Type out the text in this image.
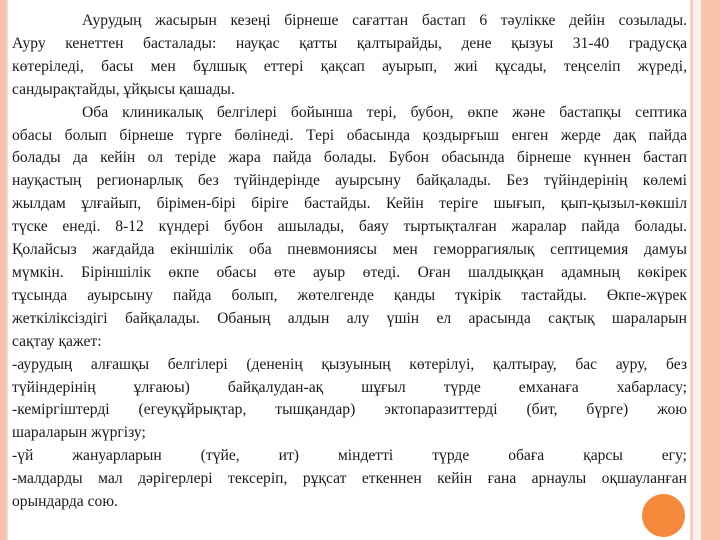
Аурудың жасырын кезеңі бірнеше сағаттан бастап 6 тәулікке дейін созылады.
Ауру кенеттен басталады: науқас қатты қалтырайды, дене қызуы 31-40 градусқа
көтеріледі, басы мен бұлшық еттері қақсап ауырып, жиі құсады, теңселіп жүреді,
сандырақтайды, ұйқысы қашады.
Оба клиникалық белгілері бойынша тері, бубон, өкпе және бастапқы септика
обасы болып бірнеше түрге бөлінеді. Тері обасында қоздырғыш енген жерде дақ пайда
болады да кейін ол теріде жара пайда болады. Бубон обасында бірнеше күннен бастап
науқастың регионарлық без түйіндерінде ауырсыну байқалады. Без түйіндерінің көлемі
жылдам ұлғайып, бірімен-бірі біріге бастайды. Кейін теріге шығып, қып-қызыл-көкшіл
түске енеді. 8-12 күндері бубон ашылады, баяу тыртықталған жаралар пайда болады.
Қолайсыз жағдайда екіншілік оба пневмониясы мен геморрагиялық септицемия дамуы
мүмкін. Біріншілік өкпе обасы өте ауыр өтеді. Оған шалдыққан адамның көкірек
тұсында ауырсыну пайда болып, жөтелгенде қанды түкірік тастайды. Өкпе-жүрек
жеткіліксіздігі байқалады. Обаның алдын алу үшін ел арасында сақтық шараларын
сақтау қажет:
-аурудың алғашқы белгілері (дененің қызуының көтерілуі, қалтырау, бас ауру, без
түйіндерінің ұлғаюы) байқалудан-ақ шұғыл түрде емханаға хабарласу;
-кеміргіштерді (егеуқұйрықтар, тышқандар) эктопаразиттерді (бит, бүрге) жою
шараларын жүргізу;
-үй жануарларын (түйе, ит) міндетті түрде обаға қарсы егу;
-малдарды мал дәрігерлері тексеріп, рұқсат еткеннен кейін ғана арнаулы оқшауланған
орындарда сою.
